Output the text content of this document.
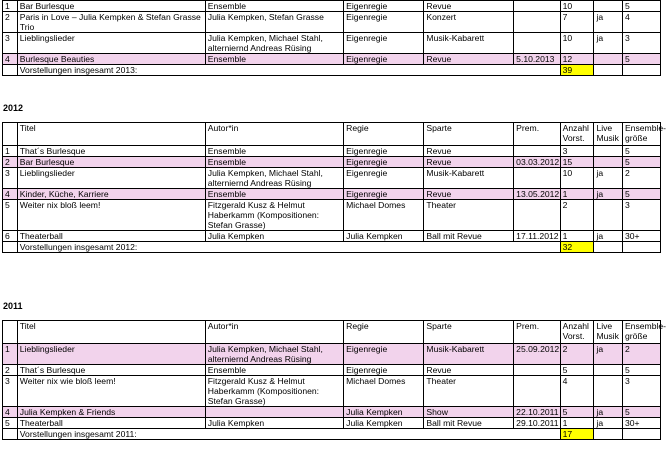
1	Bar Burlesque	Ensemble	Eigenregie	Revue		10		5
2	Paris in Love – Julia Kempken & Stefan Grasse Trio	Julia Kempken, Stefan Grasse	Eigenregie	Konzert		7	ja	4
3	Lieblingslieder	Julia Kempken, Michael Stahl, alterniernd Andreas Rüsing	Eigenregie	Musik-Kabarett		10	ja	3
4	Burlesque Beauties	Ensemble	Eigenregie	Revue	5.10.2013	12		5
	Vorstellungen insgesamt 2013:					39		
2012
	Titel	Autor*in	Regie	Sparte	Prem.	Anzahl Vorst.	Live Musik	Ensemble-größe
1	That´s Burlesque	Ensemble	Eigenregie	Revue		3		5
2	Bar Burlesque	Ensemble	Eigenregie	Revue	03.03.2012	15		5
3	Lieblingslieder	Julia Kempken, Michael Stahl, alterniernd Andreas Rüsing	Eigenregie	Musik-Kabarett		10	ja	2
4	Kinder, Küche, Karriere	Ensemble	Eigenregie	Revue	13.05.2012	1	ja	5
5	Weiter nix bloß leem!	Fitzgerald Kusz & Helmut Haberkamm (Kompositionen: Stefan Grasse)	Michael Domes	Theater		2		3
6	Theaterball	Julia Kempken	Julia Kempken	Ball mit Revue	17.11.2012	1	ja	30+
	Vorstellungen insgesamt 2012:					32		
2011
	Titel	Autor*in	Regie	Sparte	Prem.	Anzahl Vorst.	Live Musik	Ensemble-größe
1	Lieblingslieder	Julia Kempken, Michael Stahl, alterniernd Andreas Rüsing	Eigenregie	Musik-Kabarett	25.09.2012	2	ja	2
2	That´s Burlesque	Ensemble	Eigenregie	Revue		5		5
3	Weiter nix wie bloß leem!	Fitzgerald Kusz & Helmut Haberkamm (Kompositionen: Stefan Grasse)	Michael Domes	Theater		4		3
4	Julia Kempken & Friends		Julia Kempken	Show	22.10.2011	5	ja	5
5	Theaterball	Julia Kempken	Julia Kempken	Ball mit Revue	29.10.2011	1	ja	30+
	Vorstellungen insgesamt 2011:					17		
